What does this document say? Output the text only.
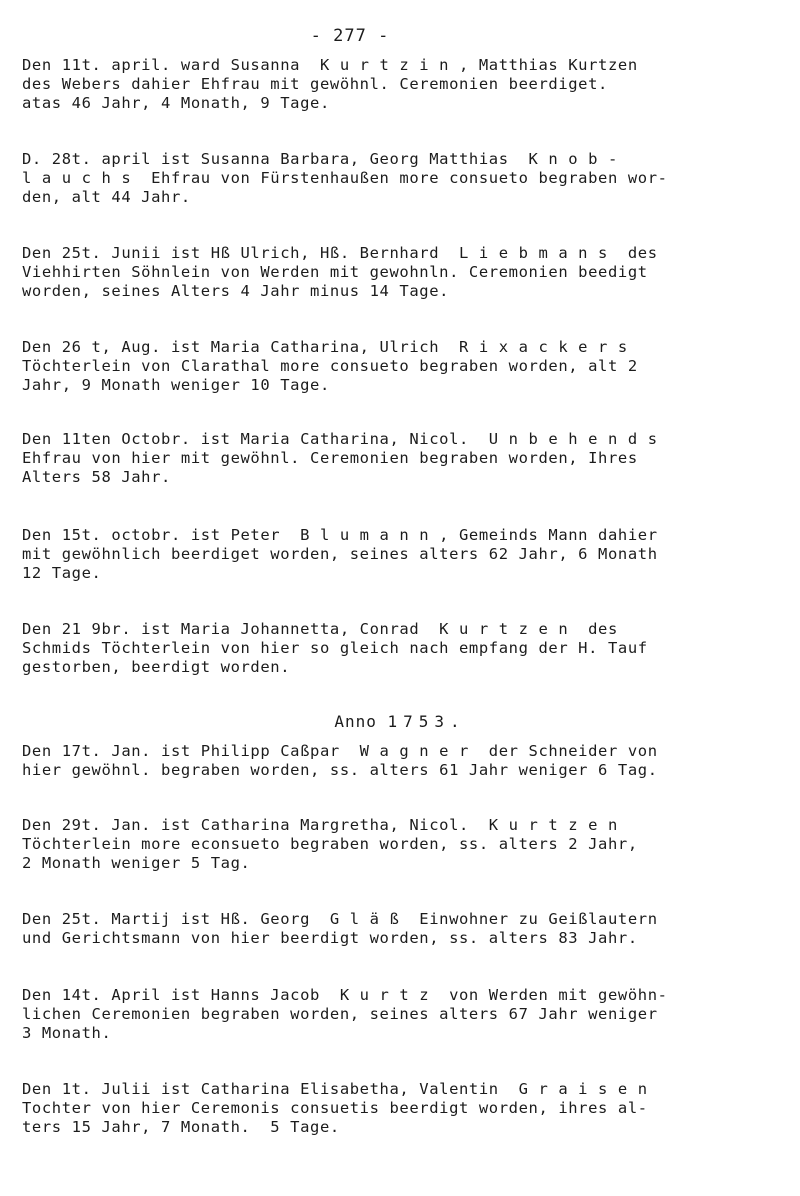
- 277 -
Den 11t. april. ward Susanna  K u r t z i n , Matthias Kurtzen
des Webers dahier Ehfrau mit gewöhnl. Ceremonien beerdiget.
atas 46 Jahr, 4 Monath, 9 Tage.
D. 28t. april ist Susanna Barbara, Georg Matthias  K n o b -
l a u c h s  Ehfrau von Fürstenhaußen more consueto begraben wor-
den, alt 44 Jahr.
Den 25t. Junii ist Hß Ulrich, Hß. Bernhard  L i e b m a n s  des
Viehhirten Söhnlein von Werden mit gewohnln. Ceremonien beedigt
worden, seines Alters 4 Jahr minus 14 Tage.
Den 26 t, Aug. ist Maria Catharina, Ulrich  R i x a c k e r s
Töchterlein von Clarathal more consueto begraben worden, alt 2
Jahr, 9 Monath weniger 10 Tage.
Den 11ten Octobr. ist Maria Catharina, Nicol.  U n b e h e n d s
Ehfrau von hier mit gewöhnl. Ceremonien begraben worden, Ihres
Alters 58 Jahr.
Den 15t. octobr. ist Peter  B l u m a n n , Gemeinds Mann dahier
mit gewöhnlich beerdiget worden, seines alters 62 Jahr, 6 Monath
12 Tage.
Den 21 9br. ist Maria Johannetta, Conrad  K u r t z e n  des
Schmids Töchterlein von hier so gleich nach empfang der H. Tauf
gestorben, beerdigt worden.
Anno 1753.
Den 17t. Jan. ist Philipp Caßpar  W a g n e r  der Schneider von
hier gewöhnl. begraben worden, ss. alters 61 Jahr weniger 6 Tag.
Den 29t. Jan. ist Catharina Margretha, Nicol.  K u r t z e n
Töchterlein more econsueto begraben worden, ss. alters 2 Jahr,
2 Monath weniger 5 Tag.
Den 25t. Martij ist Hß. Georg  G l ä ß  Einwohner zu Geißlautern
und Gerichtsmann von hier beerdigt worden, ss. alters 83 Jahr.
Den 14t. April ist Hanns Jacob  K u r t z  von Werden mit gewöhn-
lichen Ceremonien begraben worden, seines alters 67 Jahr weniger
3 Monath.
Den 1t. Julii ist Catharina Elisabetha, Valentin  G r a i s e n
Tochter von hier Ceremonis consuetis beerdigt worden, ihres al-
ters 15 Jahr, 7 Monath.  5 Tage.
